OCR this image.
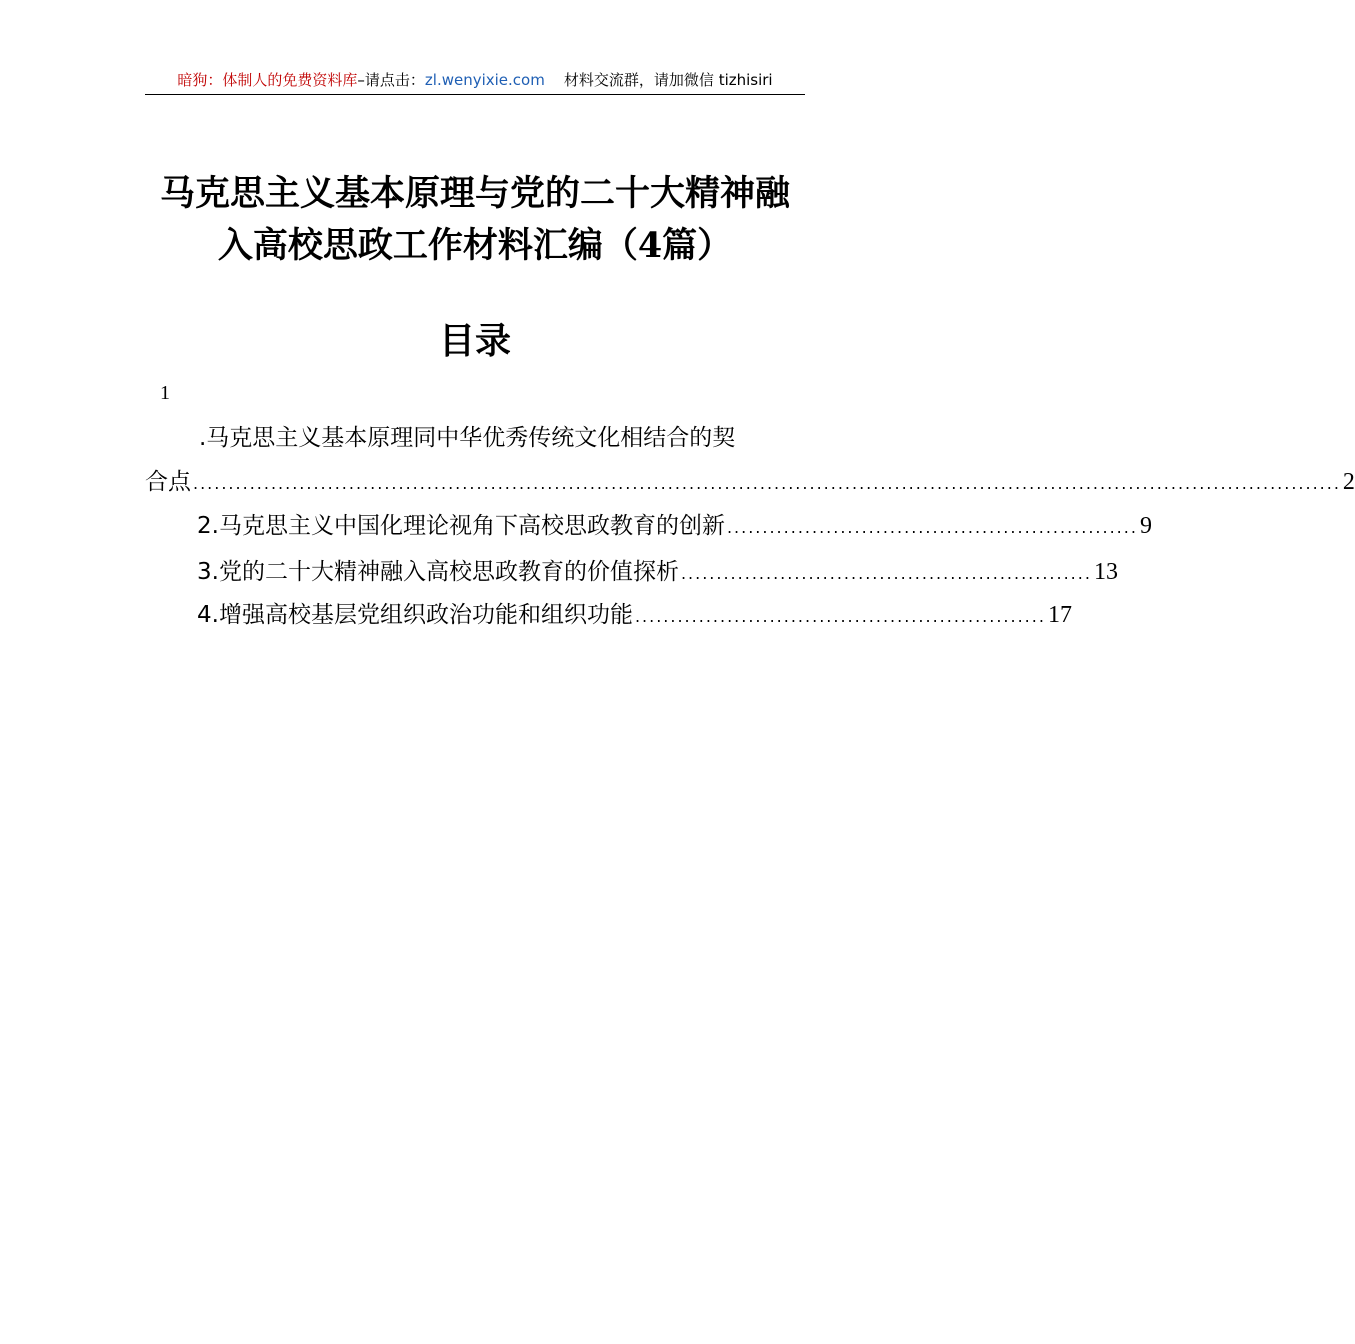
暗狗：体制人的免费资料库–请点击：zl.wenyixie.com 材料交流群，请加微信 tizhisiri
马克思主义基本原理与党的二十大精神融
入高校思政工作材料汇编（4篇）
目录
1
.马克思主义基本原理同中华优秀传统文化相结合的契
合点 .................................................................................................................................................................. 2
2.马克思主义中国化理论视角下高校思政教育的创新 .......................................................... 9
3.党的二十大精神融入高校思政教育的价值探析 .......................................................... 13
4.增强高校基层党组织政治功能和组织功能 .......................................................... 17
